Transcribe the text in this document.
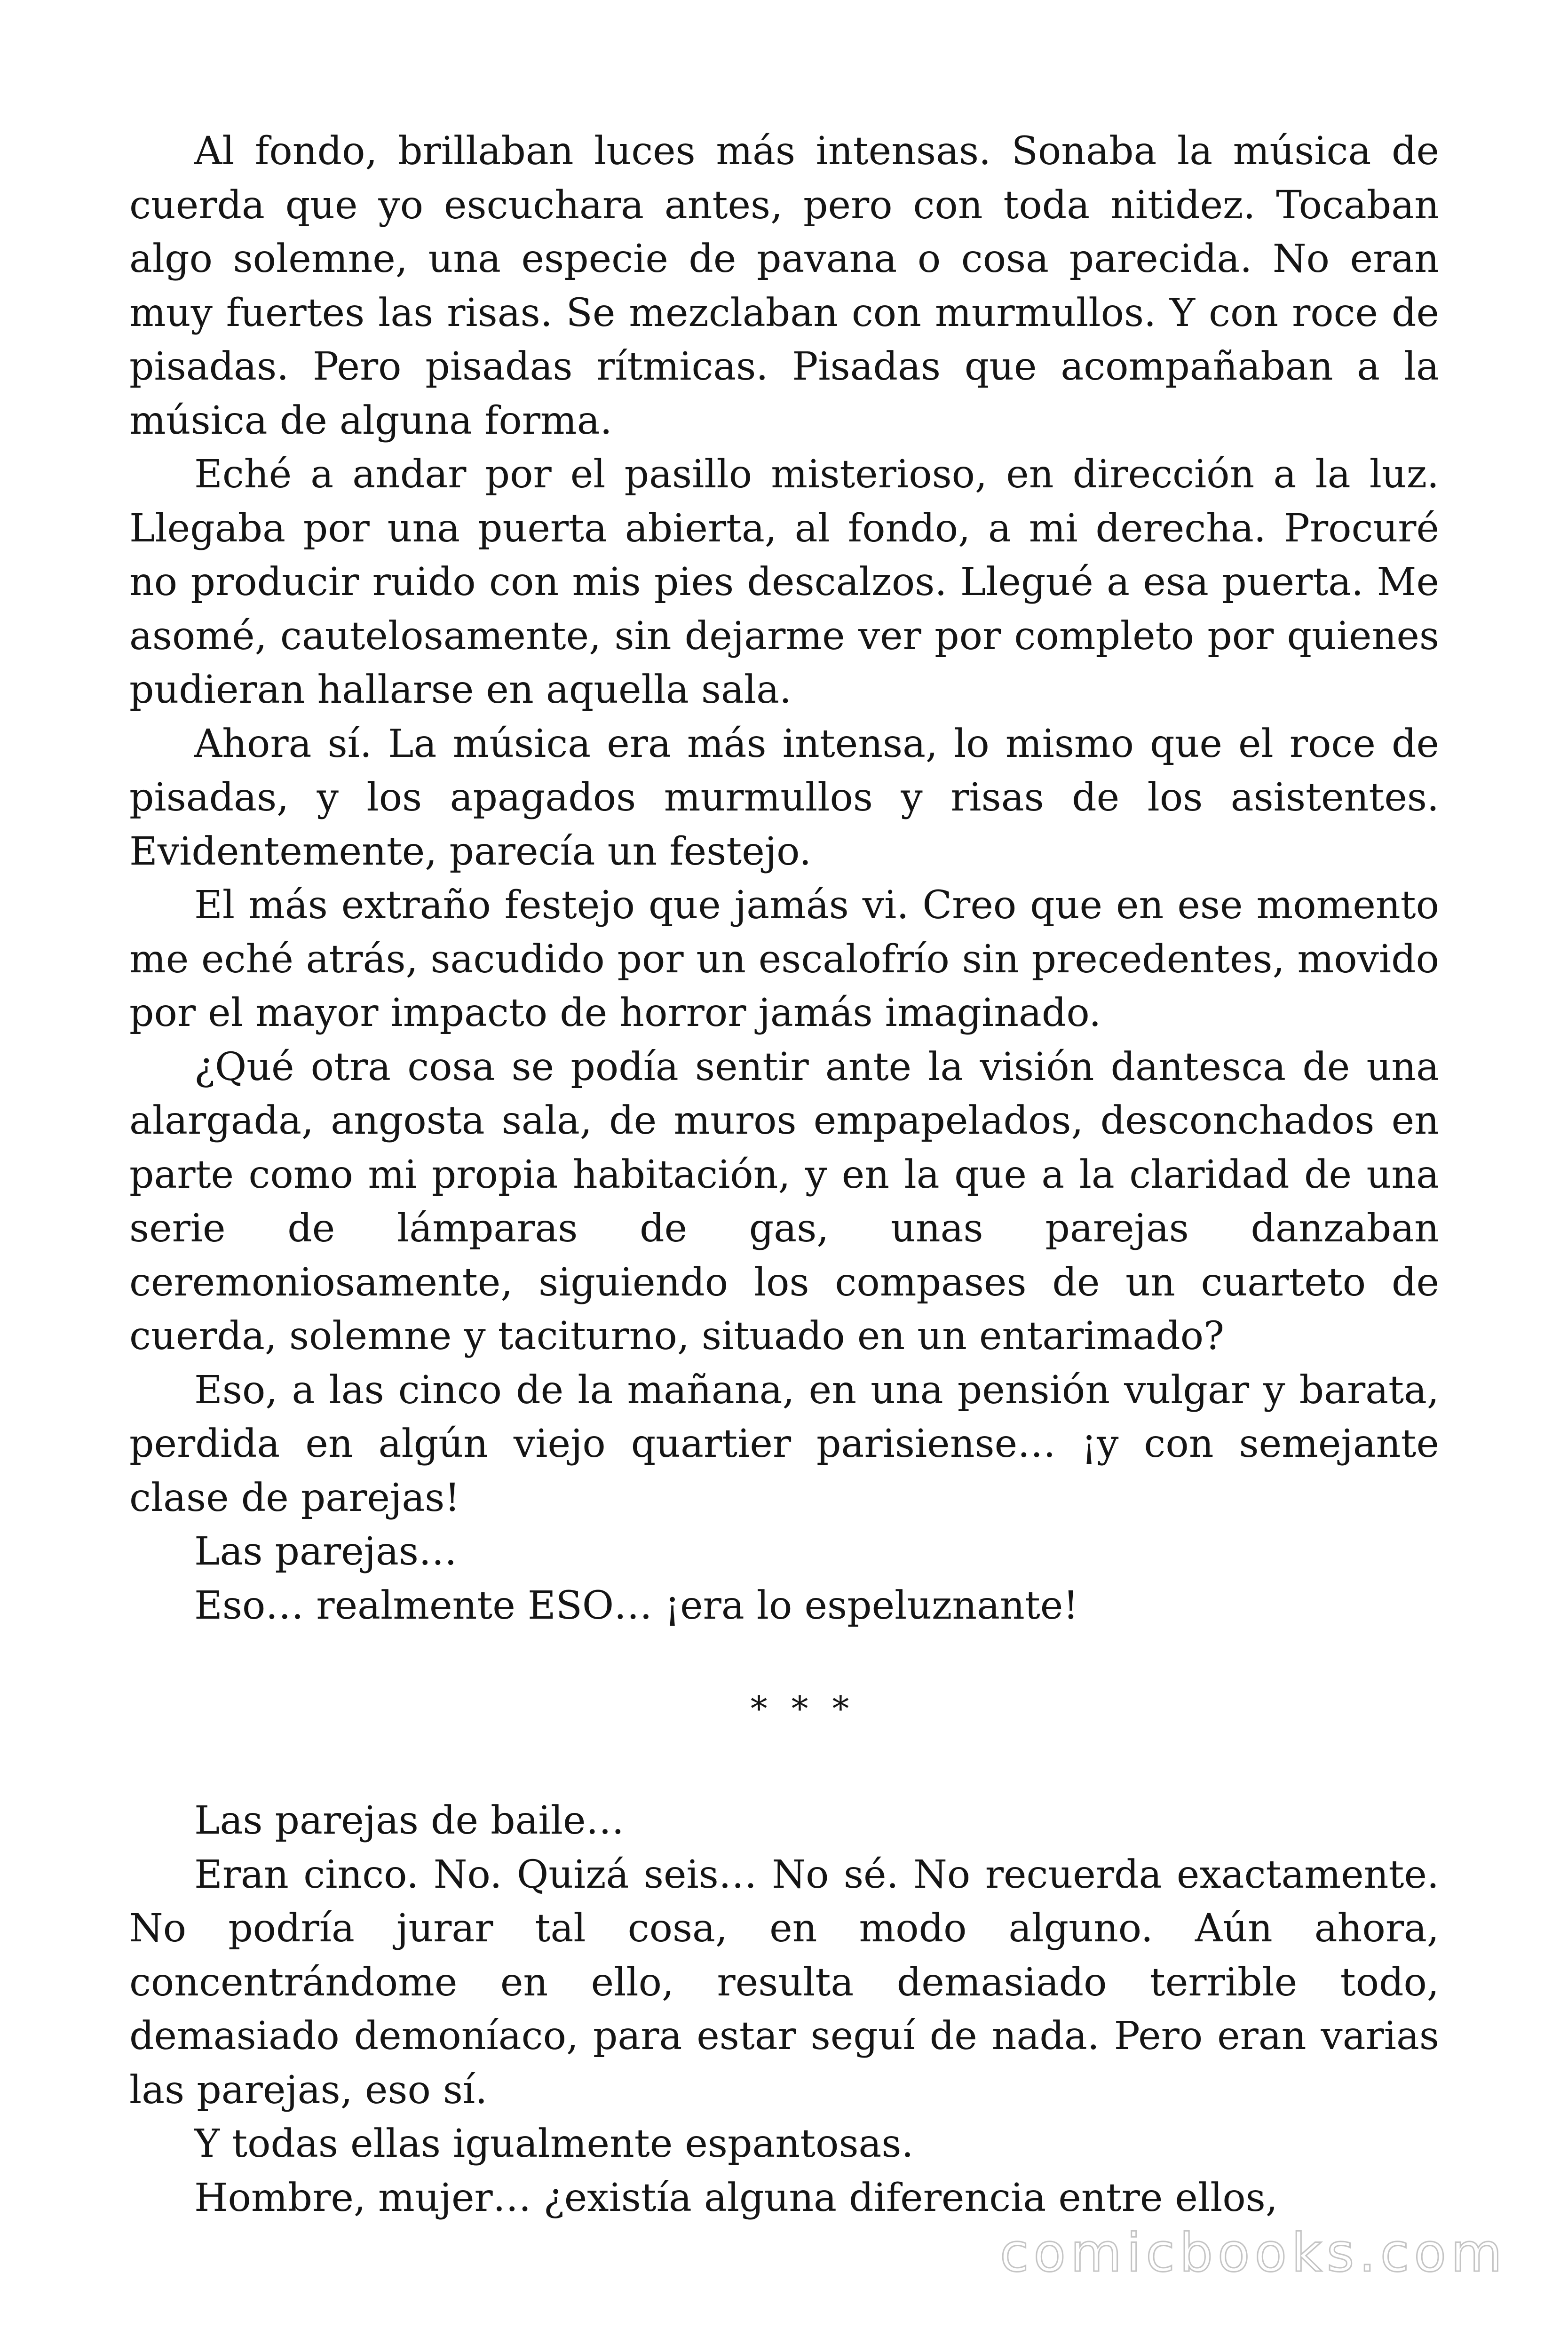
Al fondo, brillaban luces más intensas. Sonaba la música de cuerda que yo escuchara antes, pero con toda nitidez. Tocaban algo solemne, una especie de pavana o cosa parecida. No eran muy fuertes las risas. Se mezclaban con murmullos. Y con roce de pisadas. Pero pisadas rítmicas. Pisadas que acompañaban a la música de alguna forma.

Eché a andar por el pasillo misterioso, en dirección a la luz. Llegaba por una puerta abierta, al fondo, a mi derecha. Procuré no producir ruido con mis pies descalzos. Llegué a esa puerta. Me asomé, cautelosamente, sin dejarme ver por completo por quienes pudieran hallarse en aquella sala.

Ahora sí. La música era más intensa, lo mismo que el roce de pisadas, y los apagados murmullos y risas de los asistentes. Evidentemente, parecía un festejo.

El más extraño festejo que jamás vi. Creo que en ese momento me eché atrás, sacudido por un escalofrío sin precedentes, movido por el mayor impacto de horror jamás imaginado.

¿Qué otra cosa se podía sentir ante la visión dantesca de una alargada, angosta sala, de muros empapelados, desconchados en parte como mi propia habitación, y en la que a la claridad de una serie de lámparas de gas, unas parejas danzaban ceremoniosamente, siguiendo los compases de un cuarteto de cuerda, solemne y taciturno, situado en un entarimado?

Eso, a las cinco de la mañana, en una pensión vulgar y barata, perdida en algún viejo quartier parisiense… ¡y con semejante clase de parejas!

Las parejas…

Eso… realmente ESO… ¡era lo espeluznante!

* * *

Las parejas de baile…

Eran cinco. No. Quizá seis… No sé. No recuerda exactamente. No podría jurar tal cosa, en modo alguno. Aún ahora, concentrándome en ello, resulta demasiado terrible todo, demasiado demoníaco, para estar seguí de nada. Pero eran varias las parejas, eso sí.

Y todas ellas igualmente espantosas.

Hombre, mujer… ¿existía alguna diferencia entre ellos,

comicbooks.com
